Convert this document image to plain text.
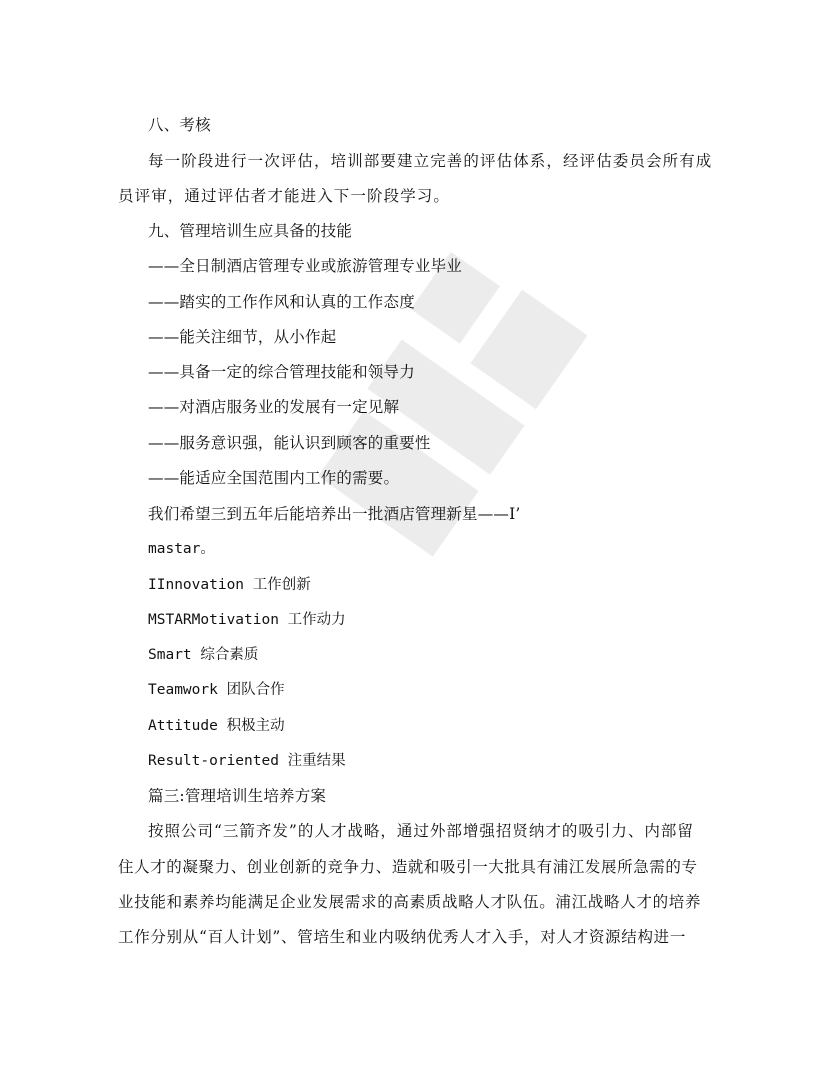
八、考核
每一阶段进行一次评估，培训部要建立完善的评估体系，经评估委员会所有成
员评审，通过评估者才能进入下一阶段学习。
九、管理培训生应具备的技能
——全日制酒店管理专业或旅游管理专业毕业
——踏实的工作作风和认真的工作态度
——能关注细节，从小作起
——具备一定的综合管理技能和领导力
——对酒店服务业的发展有一定见解
——服务意识强，能认识到顾客的重要性
——能适应全国范围内工作的需要。
我们希望三到五年后能培养出一批酒店管理新星——I’
mastar。
IInnovation 工作创新
MSTARMotivation 工作动力
Smart 综合素质
Teamwork 团队合作
Attitude 积极主动
Result-oriented 注重结果
篇三:管理培训生培养方案
按照公司“三箭齐发”的人才战略，通过外部增强招贤纳才的吸引力、内部留
住人才的凝聚力、创业创新的竞争力、造就和吸引一大批具有浦江发展所急需的专
业技能和素养均能满足企业发展需求的高素质战略人才队伍。浦江战略人才的培养
工作分别从“百人计划”、管培生和业内吸纳优秀人才入手，对人才资源结构进一
